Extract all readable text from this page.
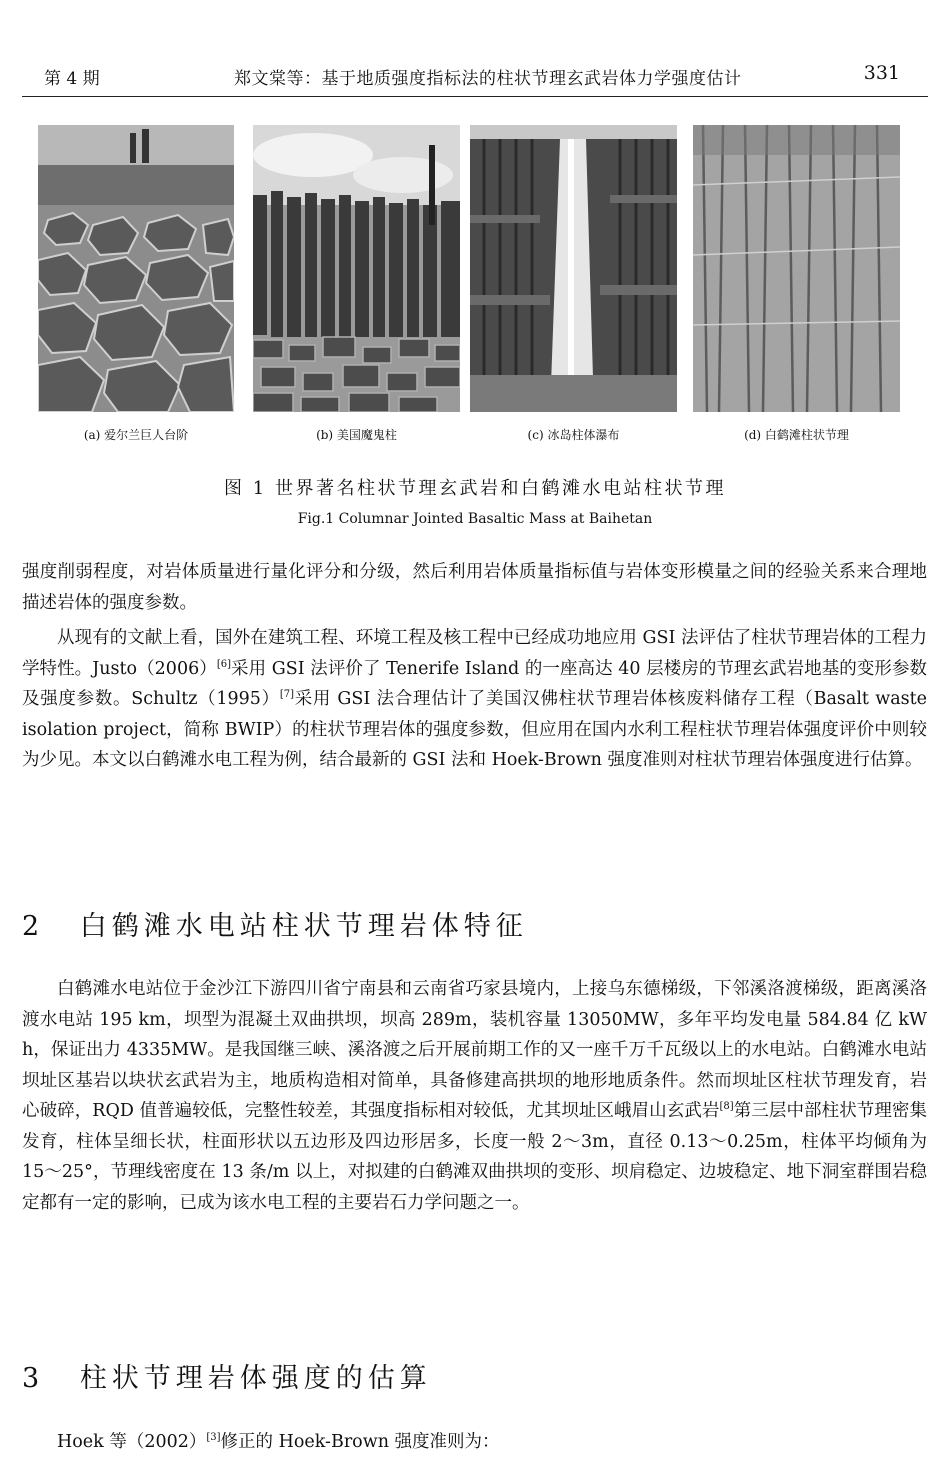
第 4 期	郑文棠等：基于地质强度指标法的柱状节理玄武岩体力学强度估计	331
(a) 爱尔兰巨人台阶	(b) 美国魔鬼柱	(c) 冰岛柱体瀑布	(d) 白鹤滩柱状节理
图 1 世界著名柱状节理玄武岩和白鹤滩水电站柱状节理
Fig.1 Columnar Jointed Basaltic Mass at Baihetan
强度削弱程度，对岩体质量进行量化评分和分级，然后利用岩体质量指标值与岩体变形模量之间的经验关系来合理地描述岩体的强度参数。
从现有的文献上看，国外在建筑工程、环境工程及核工程中已经成功地应用 GSI 法评估了柱状节理岩体的工程力学特性。Justo（2006）[6]采用 GSI 法评价了 Tenerife Island 的一座高达 40 层楼房的节理玄武岩地基的变形参数及强度参数。Schultz（1995）[7]采用 GSI 法合理估计了美国汉佛柱状节理岩体核废料储存工程（Basalt waste isolation project，简称 BWIP）的柱状节理岩体的强度参数，但应用在国内水利工程柱状节理岩体强度评价中则较为少见。本文以白鹤滩水电工程为例，结合最新的 GSI 法和 Hoek-Brown 强度准则对柱状节理岩体强度进行估算。
2 白鹤滩水电站柱状节理岩体特征
白鹤滩水电站位于金沙江下游四川省宁南县和云南省巧家县境内，上接乌东德梯级，下邻溪洛渡梯级，距离溪洛渡水电站 195 km，坝型为混凝土双曲拱坝，坝高 289m，装机容量 13050MW，多年平均发电量 584.84 亿 kW h，保证出力 4335MW。是我国继三峡、溪洛渡之后开展前期工作的又一座千万千瓦级以上的水电站。白鹤滩水电站坝址区基岩以块状玄武岩为主，地质构造相对简单，具备修建高拱坝的地形地质条件。然而坝址区柱状节理发育，岩心破碎，RQD 值普遍较低，完整性较差，其强度指标相对较低，尤其坝址区峨眉山玄武岩[8]第三层中部柱状节理密集发育，柱体呈细长状，柱面形状以五边形及四边形居多，长度一般 2～3m，直径 0.13～0.25m，柱体平均倾角为 15～25°，节理线密度在 13 条/m 以上，对拟建的白鹤滩双曲拱坝的变形、坝肩稳定、边坡稳定、地下洞室群围岩稳定都有一定的影响，已成为该水电工程的主要岩石力学问题之一。
3 柱状节理岩体强度的估算
Hoek 等（2002）[3]修正的 Hoek-Brown 强度准则为：
